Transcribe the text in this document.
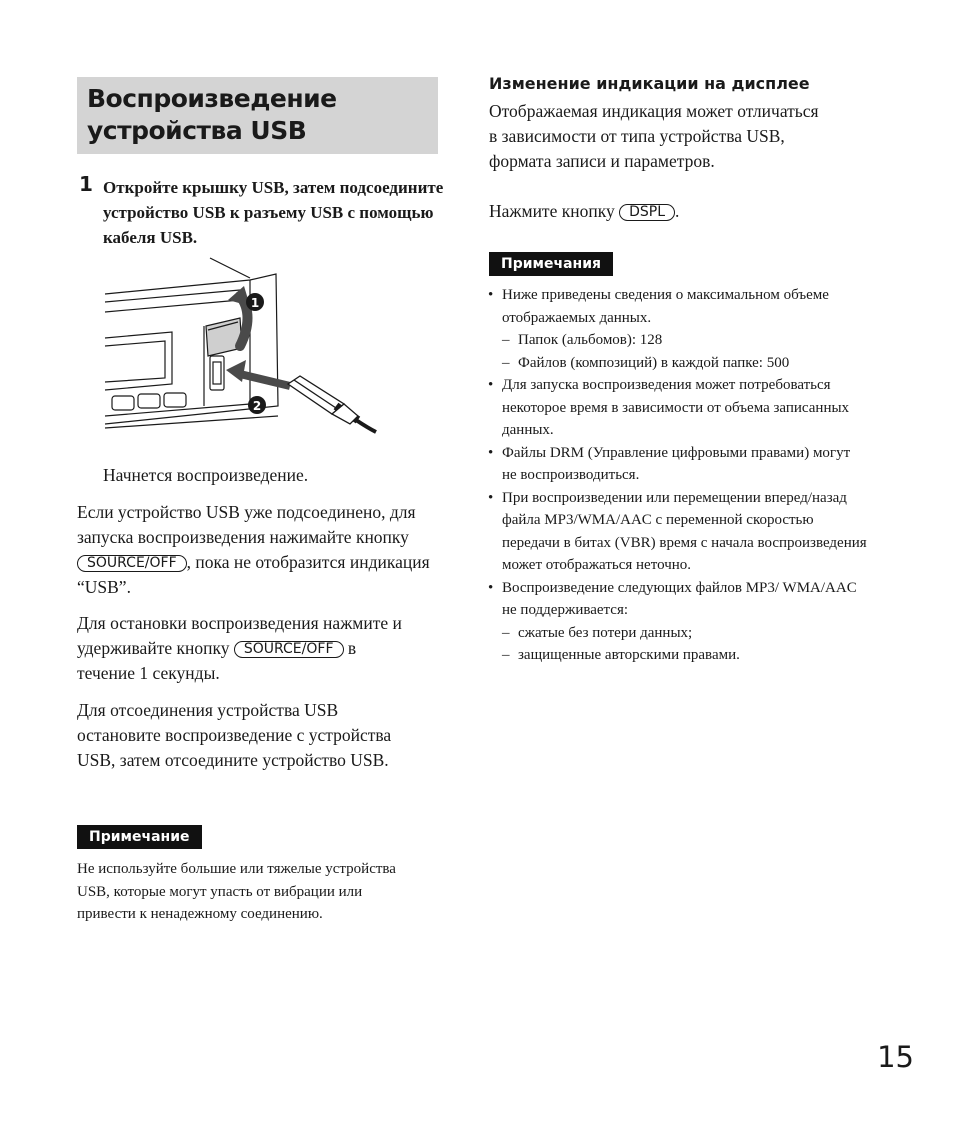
Воспроизведение устройства USB
1 Откройте крышку USB, затем подсоедините устройство USB к разъему USB с помощью кабеля USB.
1
2

Начнется воспроизведение.

Если устройство USB уже подсоединено, для запуска воспроизведения нажимайте кнопку SOURCE/OFF , пока не отобразится индикация “USB”.

Для остановки воспроизведения нажмите и удерживайте кнопку SOURCE/OFF в течение 1 секунды.

Для отсоединения устройства USB остановите воспроизведение с устройства USB, затем отсоедините устройство USB.

Примечание

Не используйте большие или тяжелые устройства USB, которые могут упасть от вибрации или привести к ненадежному соединению.

Изменение индикации на дисплее

Отображаемая индикация может отличаться в зависимости от типа устройства USB, формата записи и параметров.

Нажмите кнопку DSPL .

Примечания
• Ниже приведены сведения о максимальном объеме отображаемых данных.
– Папок (альбомов): 128
– Файлов (композиций) в каждой папке: 500
• Для запуска воспроизведения может потребоваться некоторое время в зависимости от объема записанных данных.
• Файлы DRM (Управление цифровыми правами) могут не воспроизводиться.
• При воспроизведении или перемещении вперед/назад файла MP3/WMA/AAC с переменной скоростью передачи в битах (VBR) время с начала воспроизведения может отображаться неточно.
• Воспроизведение следующих файлов MP3/ WMA/AAC не поддерживается:
– сжатые без потери данных;
– защищенные авторскими правами.
15
